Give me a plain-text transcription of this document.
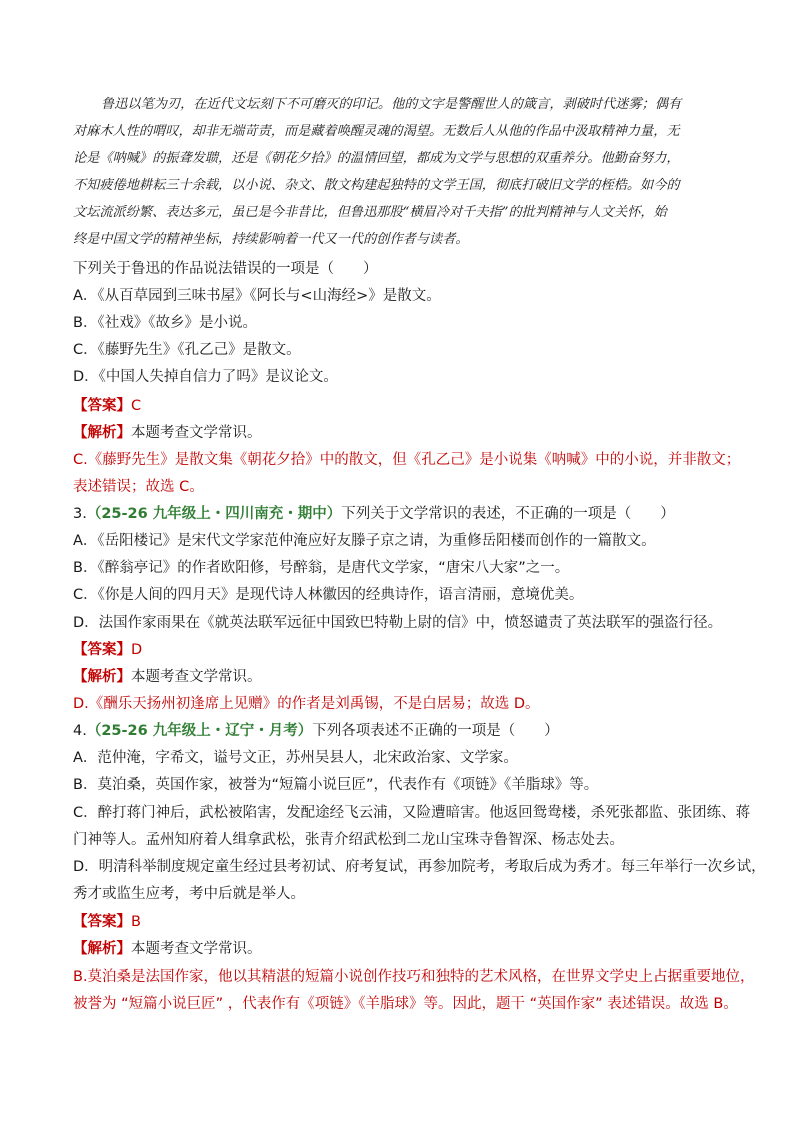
鲁迅以笔为刃，在近代文坛刻下不可磨灭的印记。他的文字是警醒世人的箴言，剥破时代迷雾；偶有

对麻木人性的喟叹，却非无端苛责，而是藏着唤醒灵魂的渴望。无数后人从他的作品中汲取精神力量，无

论是《呐喊》的振聋发聩，还是《朝花夕拾》的温情回望，都成为文学与思想的双重养分。他勤奋努力，

不知疲倦地耕耘三十余载，以小说、杂文、散文构建起独特的文学王国，彻底打破旧文学的桎梏。如今的

文坛流派纷繁、表达多元，虽已是今非昔比，但鲁迅那股“横眉冷对千夫指”的批判精神与人文关怀，始

终是中国文学的精神坐标，持续影响着一代又一代的创作者与读者。

下列关于鲁迅的作品说法错误的一项是（　　）
A．《从百草园到三味书屋》《阿长与<山海经>》是散文。
B．《社戏》《故乡》是小说。
C．《藤野先生》《孔乙己》是散文。
D．《中国人失掉自信力了吗》是议论文。
【答案】C
【解析】本题考查文学常识。
C.《藤野先生》是散文集《朝花夕拾》中的散文，但《孔乙己》是小说集《呐喊》中的小说，并非散文；
表述错误；故选 C。
3.（25-26 九年级上・四川南充・期中）下列关于文学常识的表述，不正确的一项是（　　）
A．《岳阳楼记》是宋代文学家范仲淹应好友滕子京之请，为重修岳阳楼而创作的一篇散文。
B．《醉翁亭记》的作者欧阳修，号醉翁，是唐代文学家，“唐宋八大家”之一。
C．《你是人间的四月天》是现代诗人林徽因的经典诗作，语言清丽，意境优美。
D．法国作家雨果在《就英法联军远征中国致巴特勒上尉的信》中，愤怒谴责了英法联军的强盗行径。
【答案】D
【解析】本题考查文学常识。
D.《酬乐天扬州初逢席上见赠》的作者是刘禹锡，不是白居易；故选 D。
4.（25-26 九年级上・辽宁・月考）下列各项表述不正确的一项是（　　）
A．范仲淹，字希文，谥号文正，苏州吴县人，北宋政治家、文学家。
B．莫泊桑，英国作家，被誉为“短篇小说巨匠”，代表作有《项链》《羊脂球》等。
C．醉打蒋门神后，武松被陷害，发配途经飞云浦，又险遭暗害。他返回鸳鸯楼，杀死张都监、张团练、蒋
门神等人。孟州知府着人缉拿武松，张青介绍武松到二龙山宝珠寺鲁智深、杨志处去。
D．明清科举制度规定童生经过县考初试、府考复试，再参加院考，考取后成为秀才。每三年举行一次乡试，
秀才或监生应考，考中后就是举人。
【答案】B
【解析】本题考查文学常识。
B.莫泊桑是法国作家，他以其精湛的短篇小说创作技巧和独特的艺术风格，在世界文学史上占据重要地位，
被誉为 “短篇小说巨匠” ，代表作有《项链》《羊脂球》等。因此，题干 “英国作家” 表述错误。故选 B。
